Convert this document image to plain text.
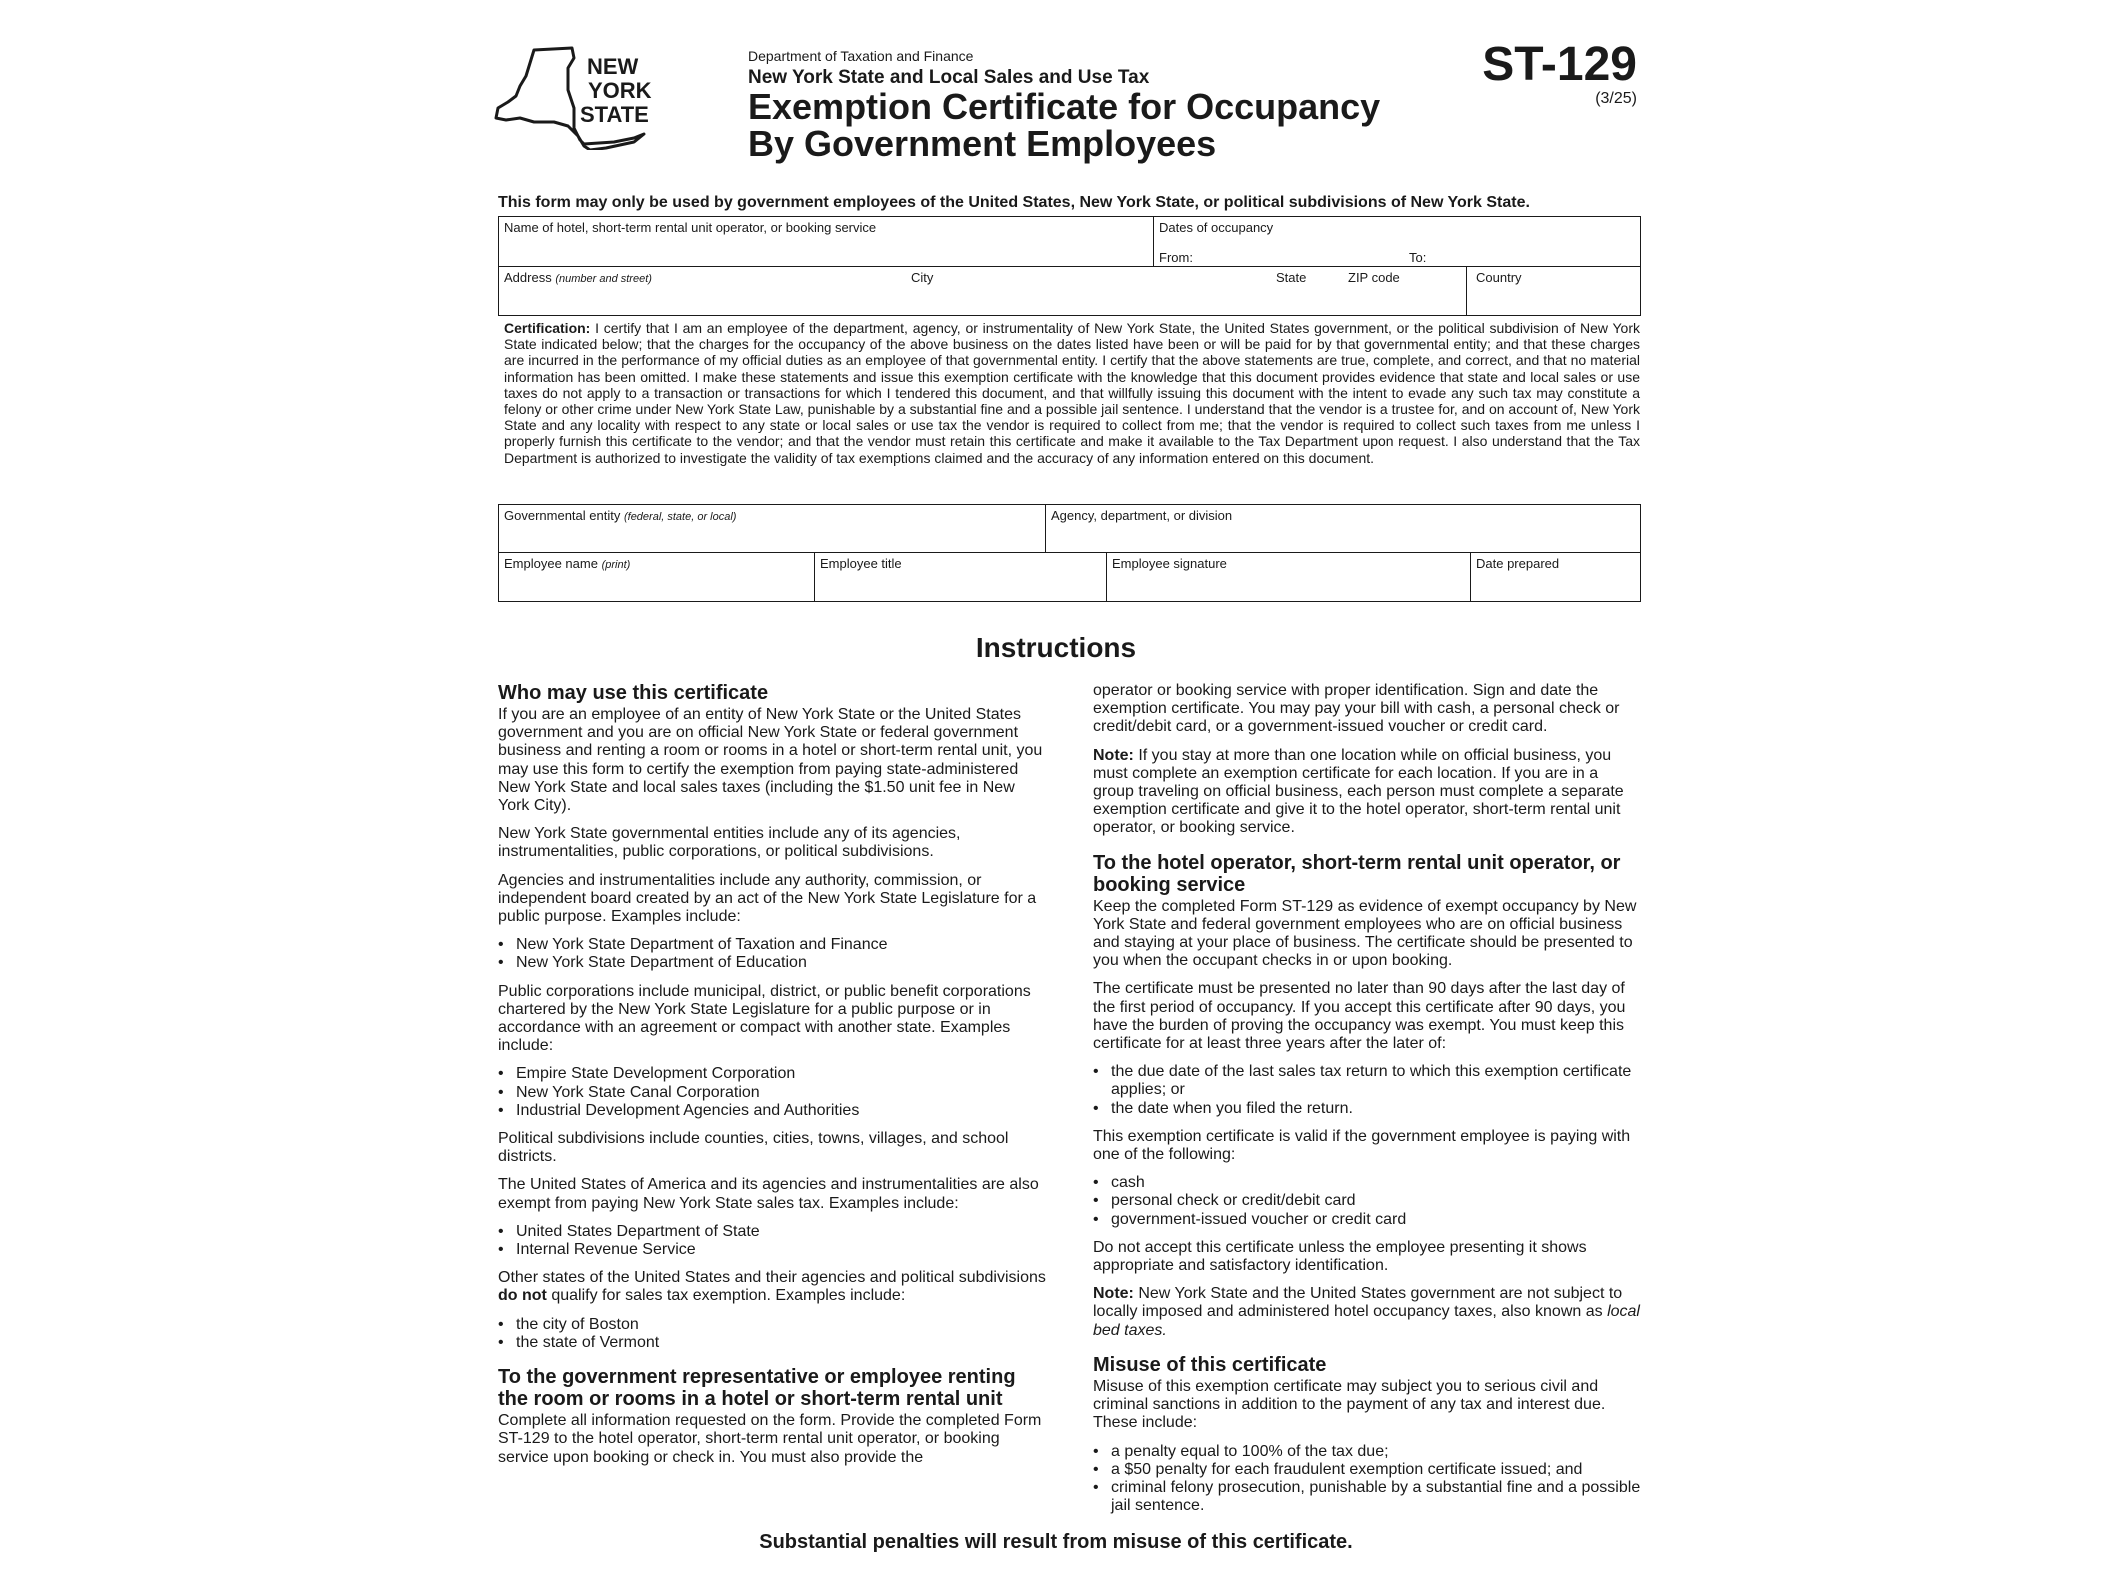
NEW
YORK
STATE
Department of Taxation and Finance
New York State and Local Sales and Use Tax
Exemption Certificate for Occupancy
By Government Employees
ST-129
(3/25)
This form may only be used by government employees of the United States, New York State, or political subdivisions of New York State.
Name of hotel, short-term rental unit operator, or booking service	Dates of occupancy
From:	To:
Address (number and street)	City	State	ZIP code	Country
Certification: I certify that I am an employee of the department, agency, or instrumentality of New York State, the United States government, or the political subdivision of New York State indicated below; that the charges for the occupancy of the above business on the dates listed have been or will be paid for by that governmental entity; and that these charges are incurred in the performance of my official duties as an employee of that governmental entity. I certify that the above statements are true, complete, and correct, and that no material information has been omitted. I make these statements and issue this exemption certificate with the knowledge that this document provides evidence that state and local sales or use taxes do not apply to a transaction or transactions for which I tendered this document, and that willfully issuing this document with the intent to evade any such tax may constitute a felony or other crime under New York State Law, punishable by a substantial fine and a possible jail sentence. I understand that the vendor is a trustee for, and on account of, New York State and any locality with respect to any state or local sales or use tax the vendor is required to collect from me; that the vendor is required to collect such taxes from me unless I properly furnish this certificate to the vendor; and that the vendor must retain this certificate and make it available to the Tax Department upon request. I also understand that the Tax Department is authorized to investigate the validity of tax exemptions claimed and the accuracy of any information entered on this document.
Governmental entity (federal, state, or local)	Agency, department, or division
Employee name (print)	Employee title	Employee signature	Date prepared
Instructions
Who may use this certificate

If you are an employee of an entity of New York State or the United States government and you are on official New York State or federal government business and renting a room or rooms in a hotel or short-term rental unit, you may use this form to certify the exemption from paying state-administered New York State and local sales taxes (including the $1.50 unit fee in New York City).

New York State governmental entities include any of its agencies, instrumentalities, public corporations, or political subdivisions.

Agencies and instrumentalities include any authority, commission, or independent board created by an act of the New York State Legislature for a public purpose. Examples include:

• New York State Department of Taxation and Finance
• New York State Department of Education

Public corporations include municipal, district, or public benefit corporations chartered by the New York State Legislature for a public purpose or in accordance with an agreement or compact with another state. Examples include:

• Empire State Development Corporation
• New York State Canal Corporation
• Industrial Development Agencies and Authorities

Political subdivisions include counties, cities, towns, villages, and school districts.

The United States of America and its agencies and instrumentalities are also exempt from paying New York State sales tax. Examples include:

• United States Department of State
• Internal Revenue Service

Other states of the United States and their agencies and political subdivisions do not qualify for sales tax exemption. Examples include:

• the city of Boston
• the state of Vermont
To the government representative or employee renting the room or rooms in a hotel or short-term rental unit

Complete all information requested on the form. Provide the completed Form ST-129 to the hotel operator, short-term rental unit operator, or booking service upon booking or check in. You must also provide the

Substantial penalties will result from misuse of this certificate.

operator or booking service with proper identification. Sign and date the exemption certificate. You may pay your bill with cash, a personal check or credit/debit card, or a government-issued voucher or credit card.

Note: If you stay at more than one location while on official business, you must complete an exemption certificate for each location. If you are in a group traveling on official business, each person must complete a separate exemption certificate and give it to the hotel operator, short-term rental unit operator, or booking service.

To the hotel operator, short-term rental unit operator, or booking service

Keep the completed Form ST-129 as evidence of exempt occupancy by New York State and federal government employees who are on official business and staying at your place of business. The certificate should be presented to you when the occupant checks in or upon booking.

The certificate must be presented no later than 90 days after the last day of the first period of occupancy. If you accept this certificate after 90 days, you have the burden of proving the occupancy was exempt. You must keep this certificate for at least three years after the later of:

• the due date of the last sales tax return to which this exemption certificate applies; or
• the date when you filed the return.

This exemption certificate is valid if the government employee is paying with one of the following:

• cash
• personal check or credit/debit card
• government-issued voucher or credit card

Do not accept this certificate unless the employee presenting it shows appropriate and satisfactory identification.

Note: New York State and the United States government are not subject to locally imposed and administered hotel occupancy taxes, also known as local bed taxes.

Misuse of this certificate

Misuse of this exemption certificate may subject you to serious civil and criminal sanctions in addition to the payment of any tax and interest due. These include:

• a penalty equal to 100% of the tax due;
• a $50 penalty for each fraudulent exemption certificate issued; and
• criminal felony prosecution, punishable by a substantial fine and a possible jail sentence.
